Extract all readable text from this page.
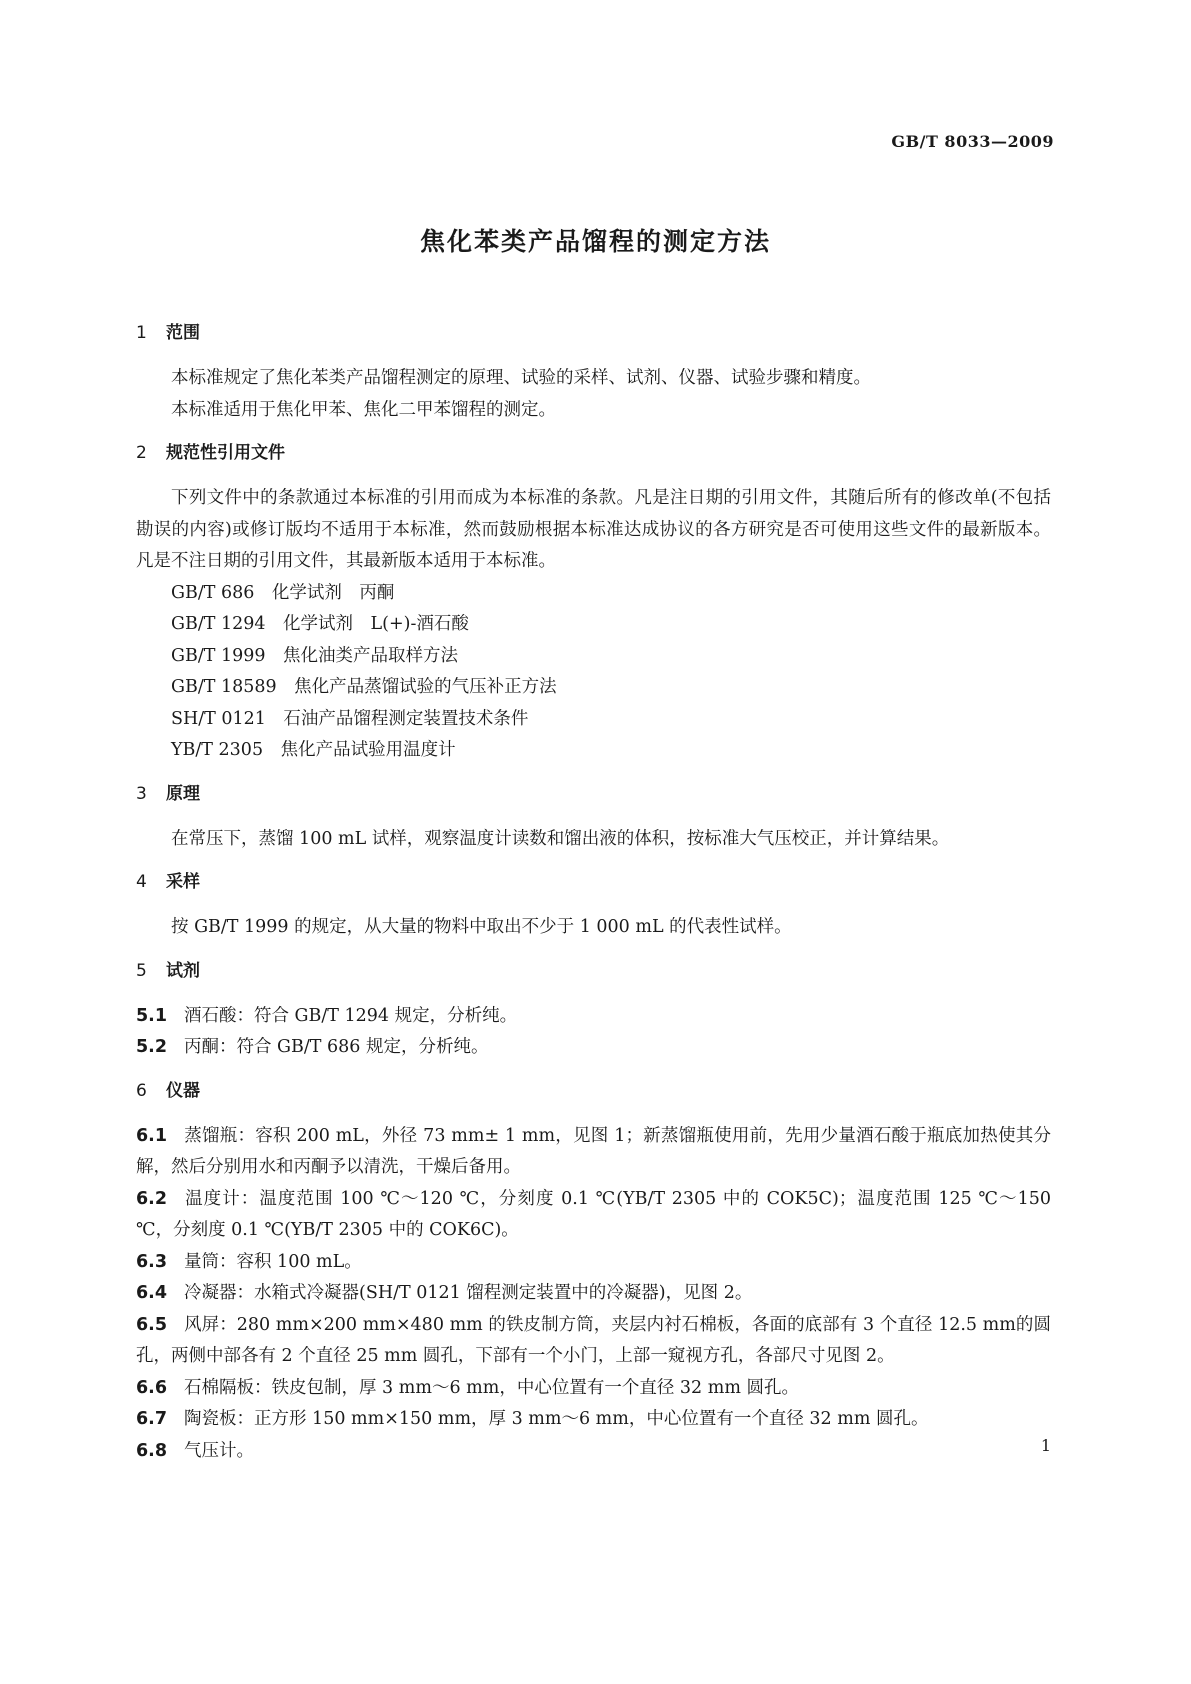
GB/T 8033—2009
焦化苯类产品馏程的测定方法
1 范围

本标准规定了焦化苯类产品馏程测定的原理、试验的采样、试剂、仪器、试验步骤和精度。

本标准适用于焦化甲苯、焦化二甲苯馏程的测定。

2 规范性引用文件

下列文件中的条款通过本标准的引用而成为本标准的条款。凡是注日期的引用文件，其随后所有的修改单(不包括勘误的内容)或修订版均不适用于本标准，然而鼓励根据本标准达成协议的各方研究是否可使用这些文件的最新版本。凡是不注日期的引用文件，其最新版本适用于本标准。

GB/T 686　 化学试剂　丙酮

GB/T 1294　 化学试剂　L(+)-酒石酸

GB/T 1999　 焦化油类产品取样方法

GB/T 18589　 焦化产品蒸馏试验的气压补正方法

SH/T 0121　 石油产品馏程测定装置技术条件

YB/T 2305　 焦化产品试验用温度计

3 原理

在常压下，蒸馏 100 mL 试样，观察温度计读数和馏出液的体积，按标准大气压校正，并计算结果。

4 采样

按 GB/T 1999 的规定，从大量的物料中取出不少于 1 000 mL 的代表性试样。

5 试剂

5.1 酒石酸：符合 GB/T 1294 规定，分析纯。

5.2 丙酮：符合 GB/T 686 规定，分析纯。

6 仪器

6.1 蒸馏瓶：容积 200 mL，外径 73 mm± 1 mm，见图 1；新蒸馏瓶使用前，先用少量酒石酸于瓶底加热使其分解，然后分别用水和丙酮予以清洗，干燥后备用。

6.2 温度计：温度范围 100 ℃～120 ℃，分刻度 0.1 ℃(YB/T 2305 中的 COK5C)；温度范围 125 ℃～150 ℃，分刻度 0.1 ℃(YB/T 2305 中的 COK6C)。

6.3 量筒：容积 100 mL。

6.4 冷凝器：水箱式冷凝器(SH/T 0121 馏程测定装置中的冷凝器)，见图 2。

6.5 风屏：280 mm×200 mm×480 mm 的铁皮制方筒，夹层内衬石棉板，各面的底部有 3 个直径 12.5 mm的圆孔，两侧中部各有 2 个直径 25 mm 圆孔，下部有一个小门，上部一窥视方孔，各部尺寸见图 2。

6.6 石棉隔板：铁皮包制，厚 3 mm～6 mm，中心位置有一个直径 32 mm 圆孔。

6.7 陶瓷板：正方形 150 mm×150 mm，厚 3 mm～6 mm，中心位置有一个直径 32 mm 圆孔。

6.8 气压计。	1
